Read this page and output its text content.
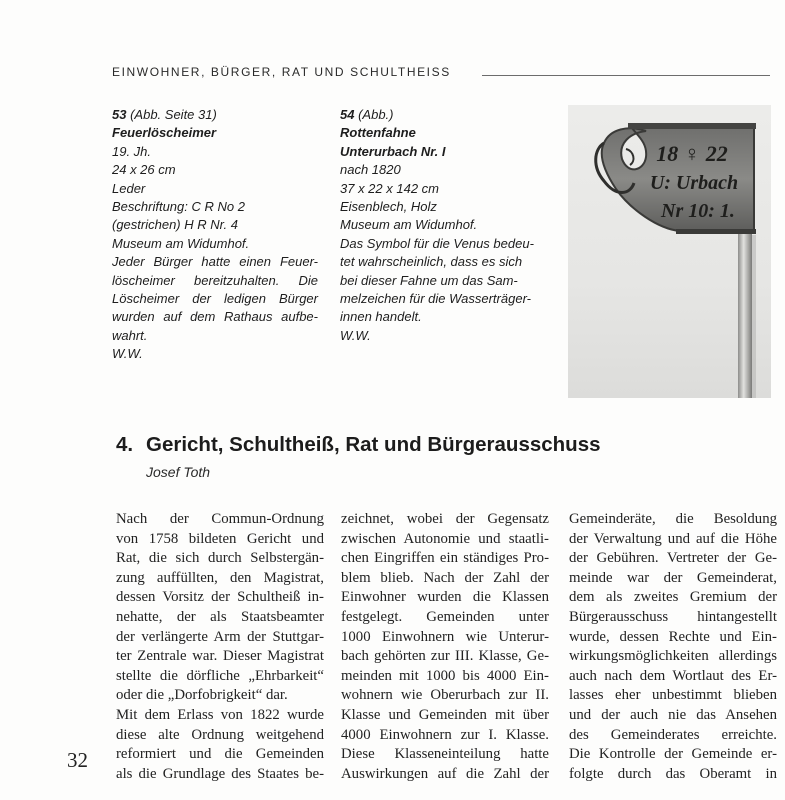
EINWOHNER, BÜRGER, RAT UND SCHULTHEISS
53 (Abb. Seite 31)
Feuerlöscheimer
19. Jh.
24 x 26 cm
Leder
Beschriftung: C R No 2
(gestrichen) H R Nr. 4
Museum am Widumhof.
Jeder Bürger hatte einen Feuer-
löscheimer bereitzuhalten. Die
Löscheimer der ledigen Bürger
wurden auf dem Rathaus aufbe-
wahrt.
W.W.
54 (Abb.)
Rottenfahne
Unterurbach Nr. I
nach 1820
37 x 22 x 142 cm
Eisenblech, Holz
Museum am Widumhof.
Das Symbol für die Venus bedeu-
tet wahrscheinlich, dass es sich
bei dieser Fahne um das Sam-
melzeichen für die Wasserträger-
innen handelt.
W.W.
18 ♀ 22
U: Urbach
Nr 10: 1.
4. Gericht, Schultheiß, Rat und Bürgerausschuss
Josef Toth
Nach der Commun-Ordnung
von 1758 bildeten Gericht und
Rat, die sich durch Selbstergän-
zung auffüllten, den Magistrat,
dessen Vorsitz der Schultheiß in-
nehatte, der als Staatsbeamter
der verlängerte Arm der Stuttgar-
ter Zentrale war. Dieser Magistrat
stellte die dörfliche „Ehrbarkeit“
oder die „Dorfobrigkeit“ dar.
Mit dem Erlass von 1822 wurde
diese alte Ordnung weitgehend
reformiert und die Gemeinden
als die Grundlage des Staates be-
zeichnet, wobei der Gegensatz
zwischen Autonomie und staatli-
chen Eingriffen ein ständiges Pro-
blem blieb. Nach der Zahl der
Einwohner wurden die Klassen
festgelegt. Gemeinden unter
1000 Einwohnern wie Unterur-
bach gehörten zur III. Klasse, Ge-
meinden mit 1000 bis 4000 Ein-
wohnern wie Oberurbach zur II.
Klasse und Gemeinden mit über
4000 Einwohnern zur I. Klasse.
Diese Klasseneinteilung hatte
Auswirkungen auf die Zahl der
Gemeinderäte, die Besoldung
der Verwaltung und auf die Höhe
der Gebühren. Vertreter der Ge-
meinde war der Gemeinderat,
dem als zweites Gremium der
Bürgerausschuss hintangestellt
wurde, dessen Rechte und Ein-
wirkungsmöglichkeiten allerdings
auch nach dem Wortlaut des Er-
lasses eher unbestimmt blieben
und der auch nie das Ansehen
des Gemeinderates erreichte.
Die Kontrolle der Gemeinde er-
folgte durch das Oberamt in
32
